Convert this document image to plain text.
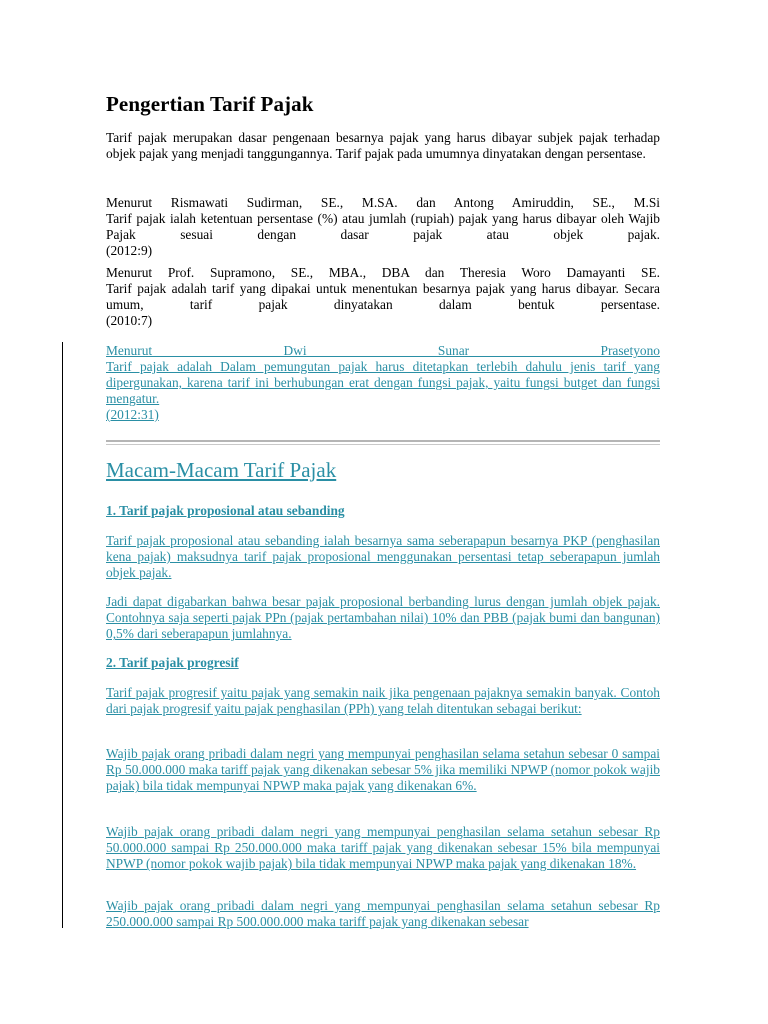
Pengertian Tarif Pajak

Tarif pajak merupakan dasar pengenaan besarnya pajak yang harus dibayar subjek pajak terhadap objek pajak yang menjadi tanggungannya. Tarif pajak pada umumnya dinyatakan dengan persentase.

Menurut Rismawati Sudirman, SE., M.SA. dan Antong Amiruddin, SE., M.Si

Tarif pajak ialah ketentuan persentase (%) atau jumlah (rupiah) pajak yang harus dibayar oleh Wajib Pajak sesuai dengan dasar pajak atau objek pajak.

(2012:9)

Menurut Prof. Supramono, SE., MBA., DBA dan Theresia Woro Damayanti SE.

Tarif pajak adalah tarif yang dipakai untuk menentukan besarnya pajak yang harus dibayar. Secara umum, tarif pajak dinyatakan dalam bentuk persentase.

(2010:7)

Menurut Dwi Sunar Prasetyono

Tarif pajak adalah Dalam pemungutan pajak harus ditetapkan terlebih dahulu jenis tarif yang dipergunakan, karena tarif ini berhubungan erat dengan fungsi pajak, yaitu fungsi butget dan fungsi mengatur.

(2012:31)

Macam-Macam Tarif Pajak

1. Tarif pajak proposional atau sebanding

Tarif pajak proposional atau sebanding ialah besarnya sama seberapapun besarnya PKP (penghasilan kena pajak) maksudnya tarif pajak proposional menggunakan persentasi tetap seberapapun jumlah objek pajak.

Jadi dapat digabarkan bahwa besar pajak proposional berbanding lurus dengan jumlah objek pajak. Contohnya saja seperti pajak PPn (pajak pertambahan nilai) 10% dan PBB (pajak bumi dan bangunan) 0,5% dari seberapapun jumlahnya.

2. Tarif pajak progresif

Tarif pajak progresif yaitu pajak yang semakin naik jika pengenaan pajaknya semakin banyak. Contoh dari pajak progresif yaitu pajak penghasilan (PPh) yang telah ditentukan sebagai berikut:

Wajib pajak orang pribadi dalam negri yang mempunyai penghasilan selama setahun sebesar 0 sampai Rp 50.000.000 maka tariff pajak yang dikenakan sebesar 5% jika memiliki NPWP (nomor pokok wajib pajak) bila tidak mempunyai NPWP maka pajak yang dikenakan 6%.

Wajib pajak orang pribadi dalam negri yang mempunyai penghasilan selama setahun sebesar Rp 50.000.000 sampai Rp 250.000.000 maka tariff pajak yang dikenakan sebesar 15% bila mempunyai NPWP (nomor pokok wajib pajak) bila tidak mempunyai NPWP maka pajak yang dikenakan 18%.

Wajib pajak orang pribadi dalam negri yang mempunyai penghasilan selama setahun sebesar Rp 250.000.000 sampai Rp 500.000.000 maka tariff pajak yang dikenakan sebesar
